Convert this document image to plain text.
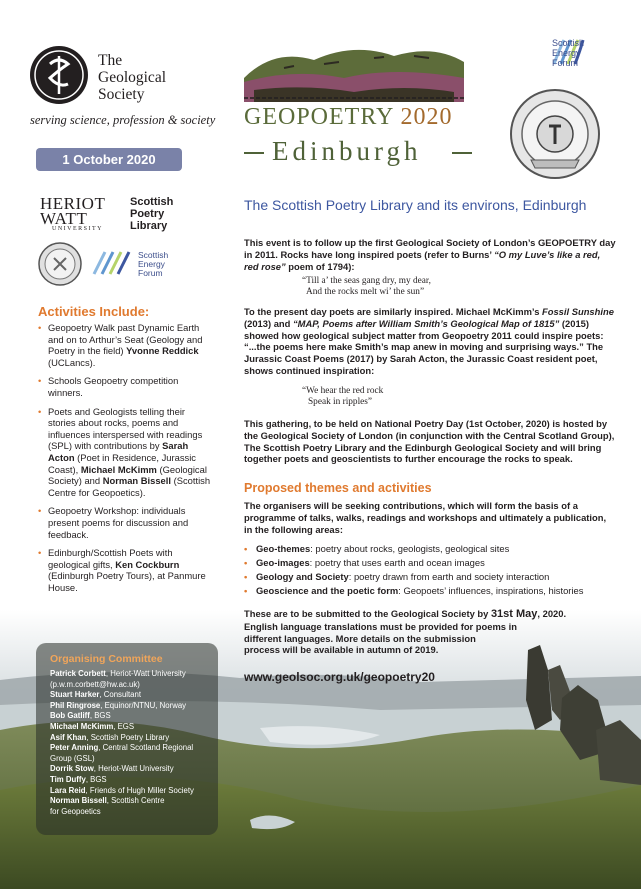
The
Geological
Society
serving science, profession & society GEOPOETRY 2020
Edinburgh
Scottish
Energy
Forum
1 October 2020
HERIOT
WATT
UNIVERSITY
Scottish
Poetry
Library
Scottish
Energy
Forum
Activities Include:
• Geopoetry Walk past Dynamic Earth and on to Arthur’s Seat (Geology and Poetry in the field) Yvonne Reddick (UCLancs).
• Schools Geopoetry competition winners.
• Poets and Geologists telling their stories about rocks, poems and influences interspersed with readings (SPL) with contributions by Sarah Acton (Poet in Residence, Jurassic Coast), Michael McKimm (Geological Society) and Norman Bissell (Scottish Centre for Geopoetics).
• Geopoetry Workshop: individuals present poems for discussion and feedback.
• Edinburgh/Scottish Poets with geological gifts, Ken Cockburn (Edinburgh Poetry Tours), at Panmure House.
Organising Committee
Patrick Corbett, Heriot-Watt University
(p.w.m.corbett@hw.ac.uk)
Stuart Harker, Consultant
Phil Ringrose, Equinor/NTNU, Norway
Bob Gatliff, BGS
Michael McKimm, EGS
Asif Khan, Scottish Poetry Library
Peter Anning, Central Scotland Regional
Group (GSL)
Dorrik Stow, Heriot-Watt University
Tim Duffy, BGS
Lara Reid, Friends of Hugh Miller Society
Norman Bissell, Scottish Centre
for Geopoetics
The Scottish Poetry Library and its environs, Edinburgh
This event is to follow up the first Geological Society of London’s GEOPOETRY day in 2011. Rocks have long inspired poets (refer to Burns’ “O my Luve’s like a red, red rose” poem of 1794):
“Till a’ the seas gang dry, my dear,
And the rocks melt wi’ the sun”
To the present day poets are similarly inspired. Michael McKimm’s Fossil Sunshine (2013) and “MAP, Poems after William Smith’s Geological Map of 1815” (2015) showed how geological subject matter from Geopoetry 2011 could inspire poets: “...the poems here make Smith’s map anew in moving and surprising ways.” The Jurassic Coast Poems (2017) by Sarah Acton, the Jurassic Coast resident poet, shows continued inspiration:
“We hear the red rock
Speak in ripples”
This gathering, to be held on National Poetry Day (1st October, 2020) is hosted by the Geological Society of London (in conjunction with the Central Scotland Group), The Scottish Poetry Library and the Edinburgh Geological Society and will bring together poets and geoscientists to further encourage the rocks to speak.
Proposed themes and activities
The organisers will be seeking contributions, which will form the basis of a programme of talks, walks, readings and workshops and ultimately a publication, in the following areas:
• Geo-themes: poetry about rocks, geologists, geological sites
• Geo-images: poetry that uses earth and ocean images
• Geology and Society: poetry drawn from earth and society interaction
• Geoscience and the poetic form: Geopoets’ influences, inspirations, histories
These are to be submitted to the Geological Society by 31st May, 2020.
English language translations must be provided for poems in
different languages. More details on the submission
process will be available in autumn of 2019.
www.geolsoc.org.uk/geopoetry20
